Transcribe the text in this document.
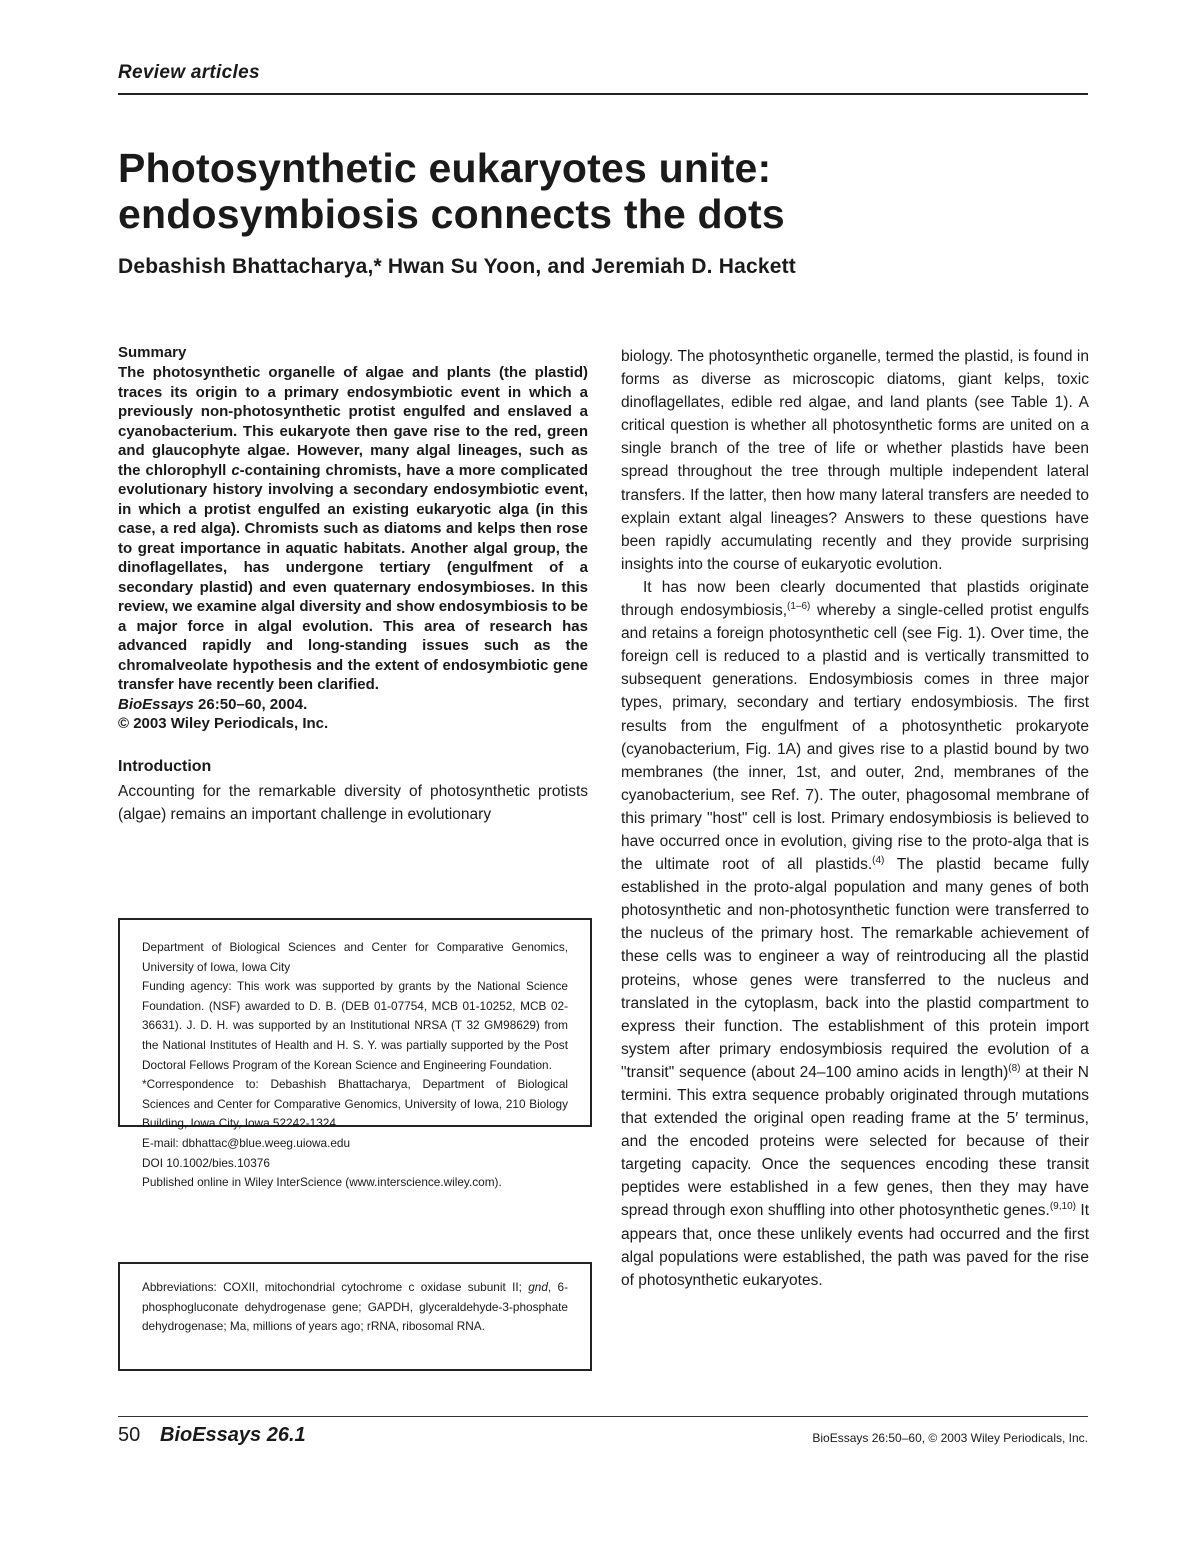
Review articles
Photosynthetic eukaryotes unite:
endosymbiosis connects the dots
Debashish Bhattacharya,* Hwan Su Yoon, and Jeremiah D. Hackett
Summary

The photosynthetic organelle of algae and plants (the plastid) traces its origin to a primary endosymbiotic event in which a previously non-photosynthetic protist engulfed and enslaved a cyanobacterium. This eukaryote then gave rise to the red, green and glaucophyte algae. However, many algal lineages, such as the chlorophyll c-containing chromists, have a more complicated evolutionary history involving a secondary endosymbiotic event, in which a protist engulfed an existing eukaryotic alga (in this case, a red alga). Chromists such as diatoms and kelps then rose to great importance in aquatic habitats. Another algal group, the dinoflagellates, has undergone tertiary (engulfment of a secondary plastid) and even quaternary endosymbioses. In this review, we examine algal diversity and show endosymbiosis to be a major force in algal evolution. This area of research has advanced rapidly and long-standing issues such as the chromalveolate hypothesis and the extent of endosymbiotic gene transfer have recently been clarified.

BioEssays 26:50–60, 2004.
© 2003 Wiley Periodicals, Inc.
Introduction

Accounting for the remarkable diversity of photosynthetic protists (algae) remains an important challenge in evolutionary

Department of Biological Sciences and Center for Comparative Genomics, University of Iowa, Iowa City

Funding agency: This work was supported by grants by the National Science Foundation. (NSF) awarded to D. B. (DEB 01-07754, MCB 01-10252, MCB 02-36631). J. D. H. was supported by an Institutional NRSA (T 32 GM98629) from the National Institutes of Health and H. S. Y. was partially supported by the Post Doctoral Fellows Program of the Korean Science and Engineering Foundation.

*Correspondence to: Debashish Bhattacharya, Department of Biological Sciences and Center for Comparative Genomics, University of Iowa, 210 Biology Building, Iowa City, Iowa 52242-1324.

E-mail: dbhattac@blue.weeg.uiowa.edu

DOI 10.1002/bies.10376

Published online in Wiley InterScience (www.interscience.wiley.com).

Abbreviations: COXII, mitochondrial cytochrome c oxidase subunit II; gnd, 6-phosphogluconate dehydrogenase gene; GAPDH, glyceraldehyde-3-phosphate dehydrogenase; Ma, millions of years ago; rRNA, ribosomal RNA.

biology. The photosynthetic organelle, termed the plastid, is found in forms as diverse as microscopic diatoms, giant kelps, toxic dinoflagellates, edible red algae, and land plants (see Table 1). A critical question is whether all photosynthetic forms are united on a single branch of the tree of life or whether plastids have been spread throughout the tree through multiple independent lateral transfers. If the latter, then how many lateral transfers are needed to explain extant algal lineages? Answers to these questions have been rapidly accumulating recently and they provide surprising insights into the course of eukaryotic evolution.

It has now been clearly documented that plastids originate through endosymbiosis,$^{(1-6)}$ whereby a single-celled protist engulfs and retains a foreign photosynthetic cell (see Fig. 1). Over time, the foreign cell is reduced to a plastid and is vertically transmitted to subsequent generations. Endosymbiosis comes in three major types, primary, secondary and tertiary endosymbiosis. The first results from the engulfment of a photosynthetic prokaryote (cyanobacterium, Fig. 1A) and gives rise to a plastid bound by two membranes (the inner, 1st, and outer, 2nd, membranes of the cyanobacterium, see Ref. 7). The outer, phagosomal membrane of this primary "host" cell is lost. Primary endosymbiosis is believed to have occurred once in evolution, giving rise to the proto-alga that is the ultimate root of all plastids.$^{(4)}$ The plastid became fully established in the proto-algal population and many genes of both photosynthetic and non-photosynthetic function were transferred to the nucleus of the primary host. The remarkable achievement of these cells was to engineer a way of reintroducing all the plastid proteins, whose genes were transferred to the nucleus and translated in the cytoplasm, back into the plastid compartment to express their function. The establishment of this protein import system after primary endosymbiosis required the evolution of a "transit" sequence (about 24–100 amino acids in length)$^{(8)}$ at their N termini. This extra sequence probably originated through mutations that extended the original open reading frame at the 5′ terminus, and the encoded proteins were selected for because of their targeting capacity. Once the sequences encoding these transit peptides were established in a few genes, then they may have spread through exon shuffling into other photosynthetic genes.$^{(9,10)}$ It appears that, once these unlikely events had occurred and the first algal populations were established, the path was paved for the rise of photosynthetic eukaryotes.

50 BioEssays 26.1	BioEssays 26:50–60, © 2003 Wiley Periodicals, Inc.
